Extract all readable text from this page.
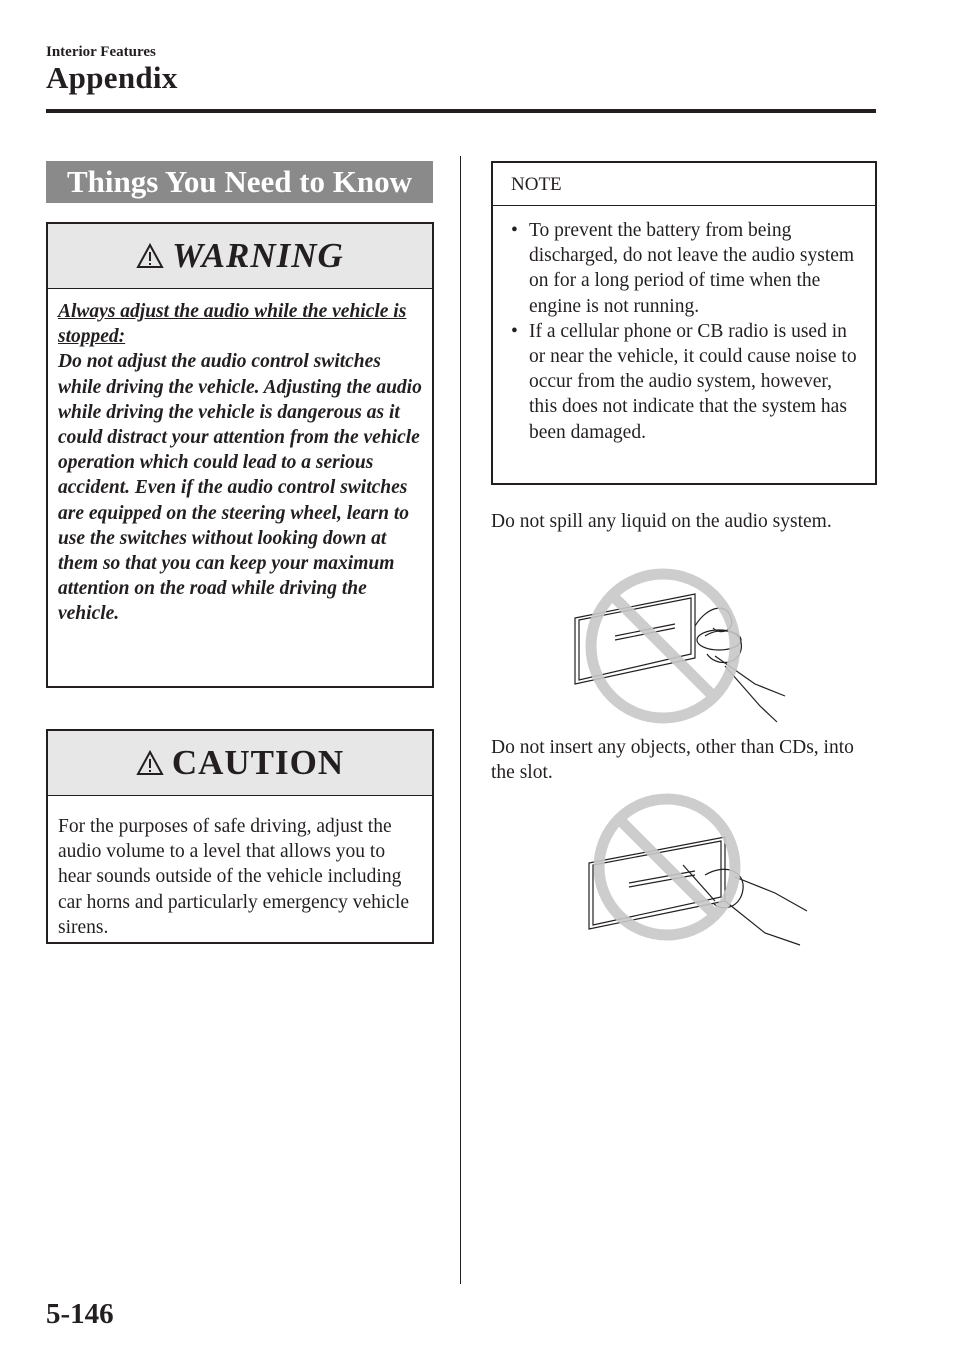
Interior Features
Appendix
Things You Need to Know
WARNING
Always adjust the audio while the vehicle is stopped:
Do not adjust the audio control switches while driving the vehicle. Adjusting the audio while driving the vehicle is dangerous as it could distract your attention from the vehicle operation which could lead to a serious accident. Even if the audio control switches are equipped on the steering wheel, learn to use the switches without looking down at them so that you can keep your maximum attention on the road while driving the vehicle.
CAUTION
For the purposes of safe driving, adjust the audio volume to a level that allows you to hear sounds outside of the vehicle including car horns and particularly emergency vehicle sirens.
NOTE
• To prevent the battery from being discharged, do not leave the audio system on for a long period of time when the engine is not running.
• If a cellular phone or CB radio is used in or near the vehicle, it could cause noise to occur from the audio system, however, this does not indicate that the system has been damaged.
Do not spill any liquid on the audio system.
Do not insert any objects, other than CDs, into the slot.
5-146
